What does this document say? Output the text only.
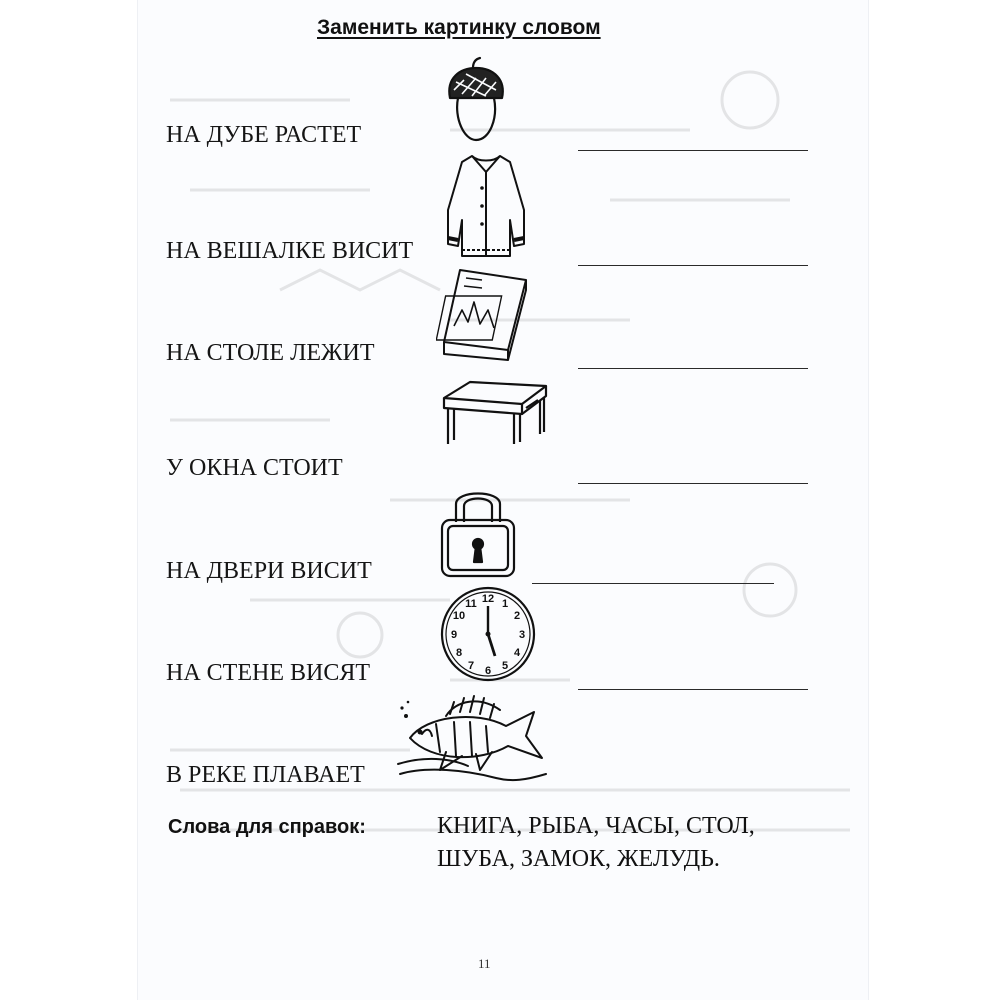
Заменить картинку словом
НА ДУБЕ РАСТЕТ
НА ВЕШАЛКЕ ВИСИТ
НА СТОЛЕ ЛЕЖИТ
У ОКНА СТОИТ
НА ДВЕРИ ВИСИТ
НА СТЕНЕ ВИСЯТ
12 1
2
3
4
5
6
7
8
9
10
11
В РЕКЕ ПЛАВАЕТ
Слова для справок:	КНИГА, РЫБА, ЧАСЫ, СТОЛ,
ШУБА, ЗАМОК, ЖЕЛУДЬ.
11
